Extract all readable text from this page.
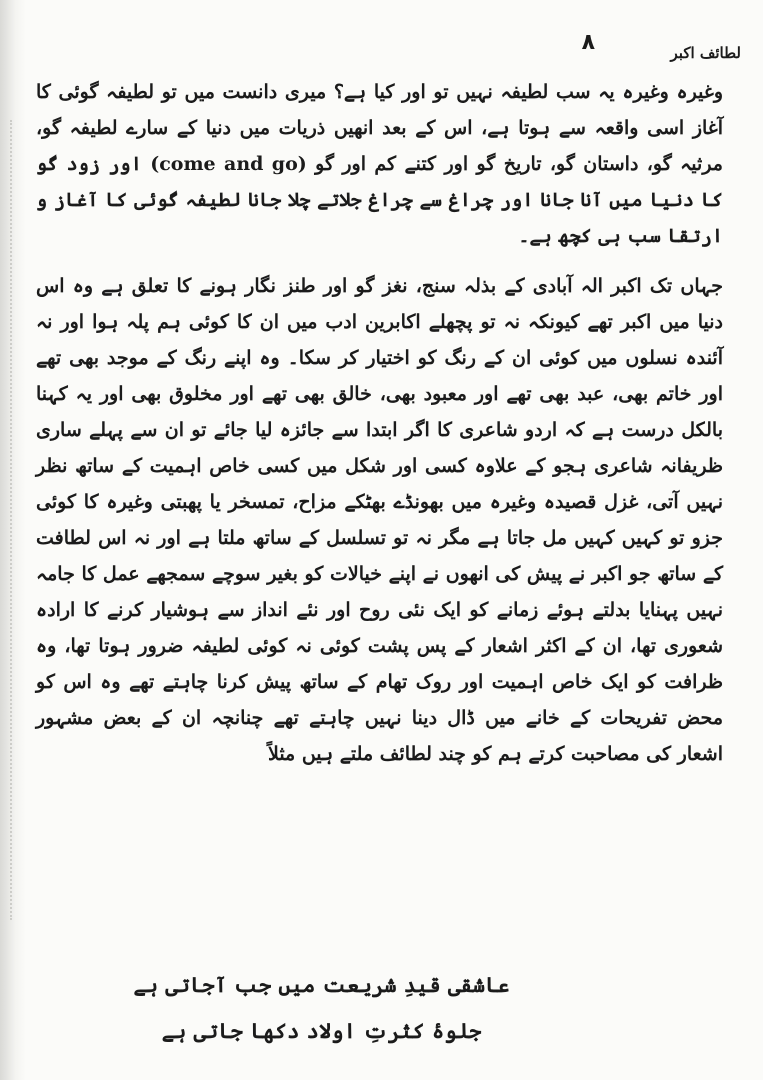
۸	لطائف اکبر

وغیرہ وغیرہ یہ سب لطیفہ نہیں تو اور کیا ہے؟ میری دانست میں تو لطیفہ گوئی کا آغاز اسی واقعہ سے ہوتا ہے، اس کے بعد انھیں ذریات میں دنیا کے سارے لطیفہ گو، مرثیہ گو، داستان گو، تاریخ گو اور کتنے کم اور گو (come and go) اور زود گو کا دنیا میں آنا جانا اور چراغ سے چراغ جلاتے چلا جانا لطیفہ گوئی کا آغاز و ارتقا سب ہی کچھ ہے۔

جہاں تک اکبر الہ آبادی کے بذلہ سنج، نغز گو اور طنز نگار ہونے کا تعلق ہے وہ اس دنیا میں اکبر تھے کیونکہ نہ تو پچھلے اکابرین ادب میں ان کا کوئی ہم پلہ ہوا اور نہ آئندہ نسلوں میں کوئی ان کے رنگ کو اختیار کر سکا۔ وہ اپنے رنگ کے موجد بھی تھے اور خاتم بھی، عبد بھی تھے اور معبود بھی، خالق بھی تھے اور مخلوق بھی اور یہ کہنا بالکل درست ہے کہ اردو شاعری کا اگر ابتدا سے جائزہ لیا جائے تو ان سے پہلے ساری ظریفانہ شاعری ہجو کے علاوہ کسی اور شکل میں کسی خاص اہمیت کے ساتھ نظر نہیں آتی، غزل قصیدہ وغیرہ میں بھونڈے بھٹکے مزاح، تمسخر یا پھبتی وغیرہ کا کوئی جزو تو کہیں کہیں مل جاتا ہے مگر نہ تو تسلسل کے ساتھ ملتا ہے اور نہ اس لطافت کے ساتھ جو اکبر نے پیش کی انھوں نے اپنے خیالات کو بغیر سوچے سمجھے عمل کا جامہ نہیں پہنایا بدلتے ہوئے زمانے کو ایک نئی روح اور نئے انداز سے ہوشیار کرنے کا ارادہ شعوری تھا، ان کے اکثر اشعار کے پس پشت کوئی نہ کوئی لطیفہ ضرور ہوتا تھا، وہ ظرافت کو ایک خاص اہمیت اور روک تھام کے ساتھ پیش کرنا چاہتے تھے وہ اس کو محض تفریحات کے خانے میں ڈال دینا نہیں چاہتے تھے چنانچہ ان کے بعض مشہور اشعار کی مصاحبت کرتے ہم کو چند لطائف ملتے ہیں مثلاً

عاشقی قیدِ شریعت میں جب آجاتی ہے
جلوۂ کثرتِ اولاد دکھا جاتی ہے
